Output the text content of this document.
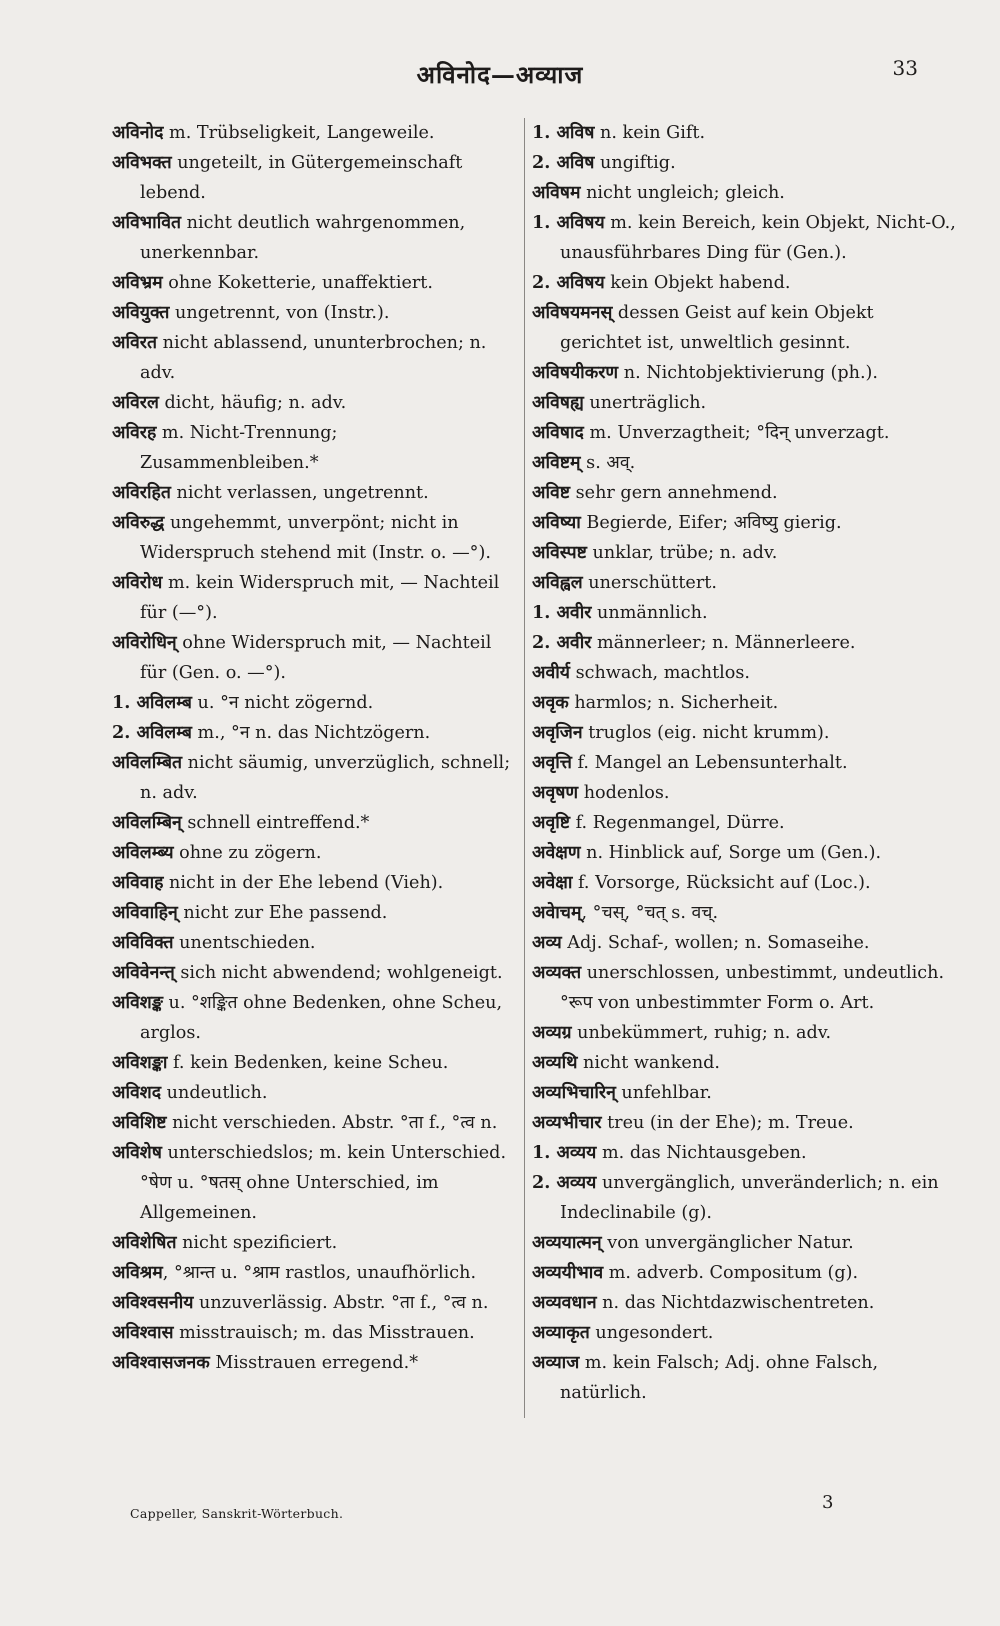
अविनोद—अव्याज	33
अविनोद m. Trübseligkeit, Langeweile.
अविभक्त ungeteilt, in Gütergemeinschaft lebend.
अविभावित nicht deutlich wahrgenommen, unerkennbar.
अविभ्रम ohne Koketterie, unaffektiert.
अवियुक्त ungetrennt, von (Instr.).
अविरत nicht ablassend, ununterbrochen; n. adv.
अविरल dicht, häufig; n. adv.
अविरह m. Nicht-Trennung; Zusammenbleiben.*
अविरहित nicht verlassen, ungetrennt.
अविरुद्ध ungehemmt, unverpönt; nicht in Widerspruch stehend mit (Instr. o. —°).
अविरोध m. kein Widerspruch mit, — Nachteil für (—°).
अविरोधिन् ohne Widerspruch mit, — Nachteil für (Gen. o. —°).
1. अविलम्ब u. °न nicht zögernd.
2. अविलम्ब m., °न n. das Nichtzögern.
अविलम्बित nicht säumig, unverzüglich, schnell; n. adv.
अविलम्बिन् schnell eintreffend.*
अविलम्ब्य ohne zu zögern.
अविवाह nicht in der Ehe lebend (Vieh).
अविवाहिन् nicht zur Ehe passend.
अविविक्त unentschieden.
अविवेनन्त् sich nicht abwendend; wohlgeneigt.
अविशङ्क u. °शङ्कित ohne Bedenken, ohne Scheu, arglos.
अविशङ्का f. kein Bedenken, keine Scheu.
अविशद undeutlich.
अविशिष्ट nicht verschieden. Abstr. °ता f., °त्व n.
अविशेष unterschiedslos; m. kein Unterschied. °षेण u. °षतस् ohne Unterschied, im Allgemeinen.
अविशेषित nicht spezificiert.
अविश्रम, °श्रान्त u. °श्राम rastlos, unaufhörlich.
अविश्वसनीय unzuverlässig. Abstr. °ता f., °त्व n.
अविश्वास misstrauisch; m. das Misstrauen.
अविश्वासजनक Misstrauen erregend.*
1. अविष n. kein Gift.
2. अविष ungiftig.
अविषम nicht ungleich; gleich.
1. अविषय m. kein Bereich, kein Objekt, Nicht-O., unausführbares Ding für (Gen.).
2. अविषय kein Objekt habend.
अविषयमनस् dessen Geist auf kein Objekt gerichtet ist, unweltlich gesinnt.
अविषयीकरण n. Nichtobjektivierung (ph.).
अविषह्य unerträglich.
अविषाद m. Unverzagtheit; °दिन् unverzagt.
अविष्टम् s. अव्.
अविष्ट sehr gern annehmend.
अविष्या Begierde, Eifer; अविष्यु gierig.
अविस्पष्ट unklar, trübe; n. adv.
अविह्वल unerschüttert.
1. अवीर unmännlich.
2. अवीर männerleer; n. Männerleere.
अवीर्य schwach, machtlos.
अवृक harmlos; n. Sicherheit.
अवृजिन truglos (eig. nicht krumm).
अवृत्ति f. Mangel an Lebensunterhalt.
अवृषण hodenlos.
अवृष्टि f. Regenmangel, Dürre.
अवेक्षण n. Hinblick auf, Sorge um (Gen.).
अवेक्षा f. Vorsorge, Rücksicht auf (Loc.).
अवेाचम्, °चस्, °चत् s. वच्.
अव्य Adj. Schaf-, wollen; n. Somaseihe.
अव्यक्त unerschlossen, unbestimmt, undeutlich. °रूप von unbestimmter Form o. Art.
अव्यग्र unbekümmert, ruhig; n. adv.
अव्यथि nicht wankend.
अव्यभिचारिन् unfehlbar.
अव्यभीचार treu (in der Ehe); m. Treue.
1. अव्यय m. das Nichtausgeben.
2. अव्यय unvergänglich, unveränderlich; n. ein Indeclinabile (g).
अव्ययात्मन् von unvergänglicher Natur.
अव्ययीभाव m. adverb. Compositum (g).
अव्यवधान n. das Nichtdazwischentreten.
अव्याकृत ungesondert.
अव्याज m. kein Falsch; Adj. ohne Falsch, natürlich.
Cappeller, Sanskrit-Wörterbuch.
3
